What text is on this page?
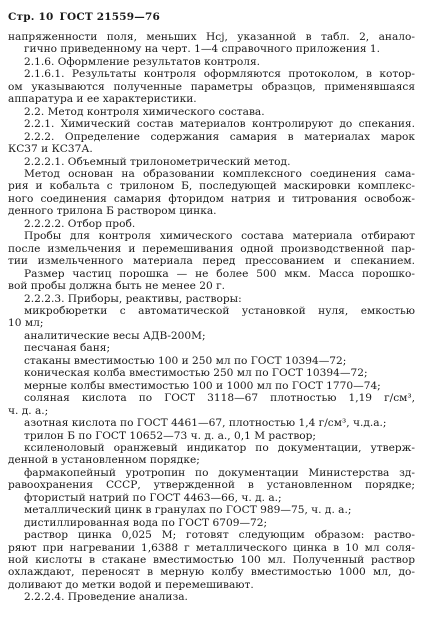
Стр. 10 ГОСТ 21559—76
напряженности поля, меньших Hсj, указанной в табл. 2, анало-
гично приведенному на черт. 1—4 справочного приложения 1.
2.1.6. Оформление результатов контроля.
2.1.6.1. Результаты контроля оформляются протоколом, в котор-
ом указываются полученные параметры образцов, применявшаяся
аппаратура и ее характеристики.
2.2. Метод контроля химического состава.
2.2.1. Химический состав материалов контролируют до спекания.
2.2.2. Определение содержания самария в материалах марок
КС37 и КС37А.
2.2.2.1. Объемный трилонометрический метод.
Метод основан на образовании комплексного соединения сама-
рия и кобальта с трилоном Б, последующей маскировки комплекс-
ного соединения самария фторидом натрия и титрования освобож-
денного трилона Б раствором цинка.
2.2.2.2. Отбор проб.
Пробы для контроля химического состава материала отбирают
после измельчения и перемешивания одной производственной пар-
тии измельченного материала перед прессованием и спеканием.
Размер частиц порошка — не более 500 мкм. Масса порошко-
вой пробы должна быть не менее 20 г.
2.2.2.3. Приборы, реактивы, растворы:
микробюретки с автоматической установкой нуля, емкостью
10 мл;
аналитические весы АДВ-200М;
песчаная баня;
стаканы вместимостью 100 и 250 мл по ГОСТ 10394—72;
коническая колба вместимостью 250 мл по ГОСТ 10394—72;
мерные колбы вместимостью 100 и 1000 мл по ГОСТ 1770—74;
соляная кислота по ГОСТ 3118—67 плотностью 1,19 г/см³,
ч. д. а.;
азотная кислота по ГОСТ 4461—67, плотностью 1,4 г/см³, ч.д.а.;
трилон Б по ГОСТ 10652—73 ч. д. а., 0,1 М раствор;
ксиленоловый оранжевый индикатор по документации, утверж-
денной в установленном порядке;
фармакопейный уротропин по документации Министерства зд-
равоохранения СССР, утвержденной в установленном порядке;
фтористый натрий по ГОСТ 4463—66, ч. д. а.;
металлический цинк в гранулах по ГОСТ 989—75, ч. д. а.;
дистиллированная вода по ГОСТ 6709—72;
раствор цинка 0,025 М; готовят следующим образом: раство-
ряют при нагревании 1,6388 г металлического цинка в 10 мл соля-
ной кислоты в стакане вместимостью 100 мл. Полученный раствор
охлаждают, переносят в мерную колбу вместимостью 1000 мл, до-
доливают до метки водой и перемешивают.
2.2.2.4. Проведение анализа.
